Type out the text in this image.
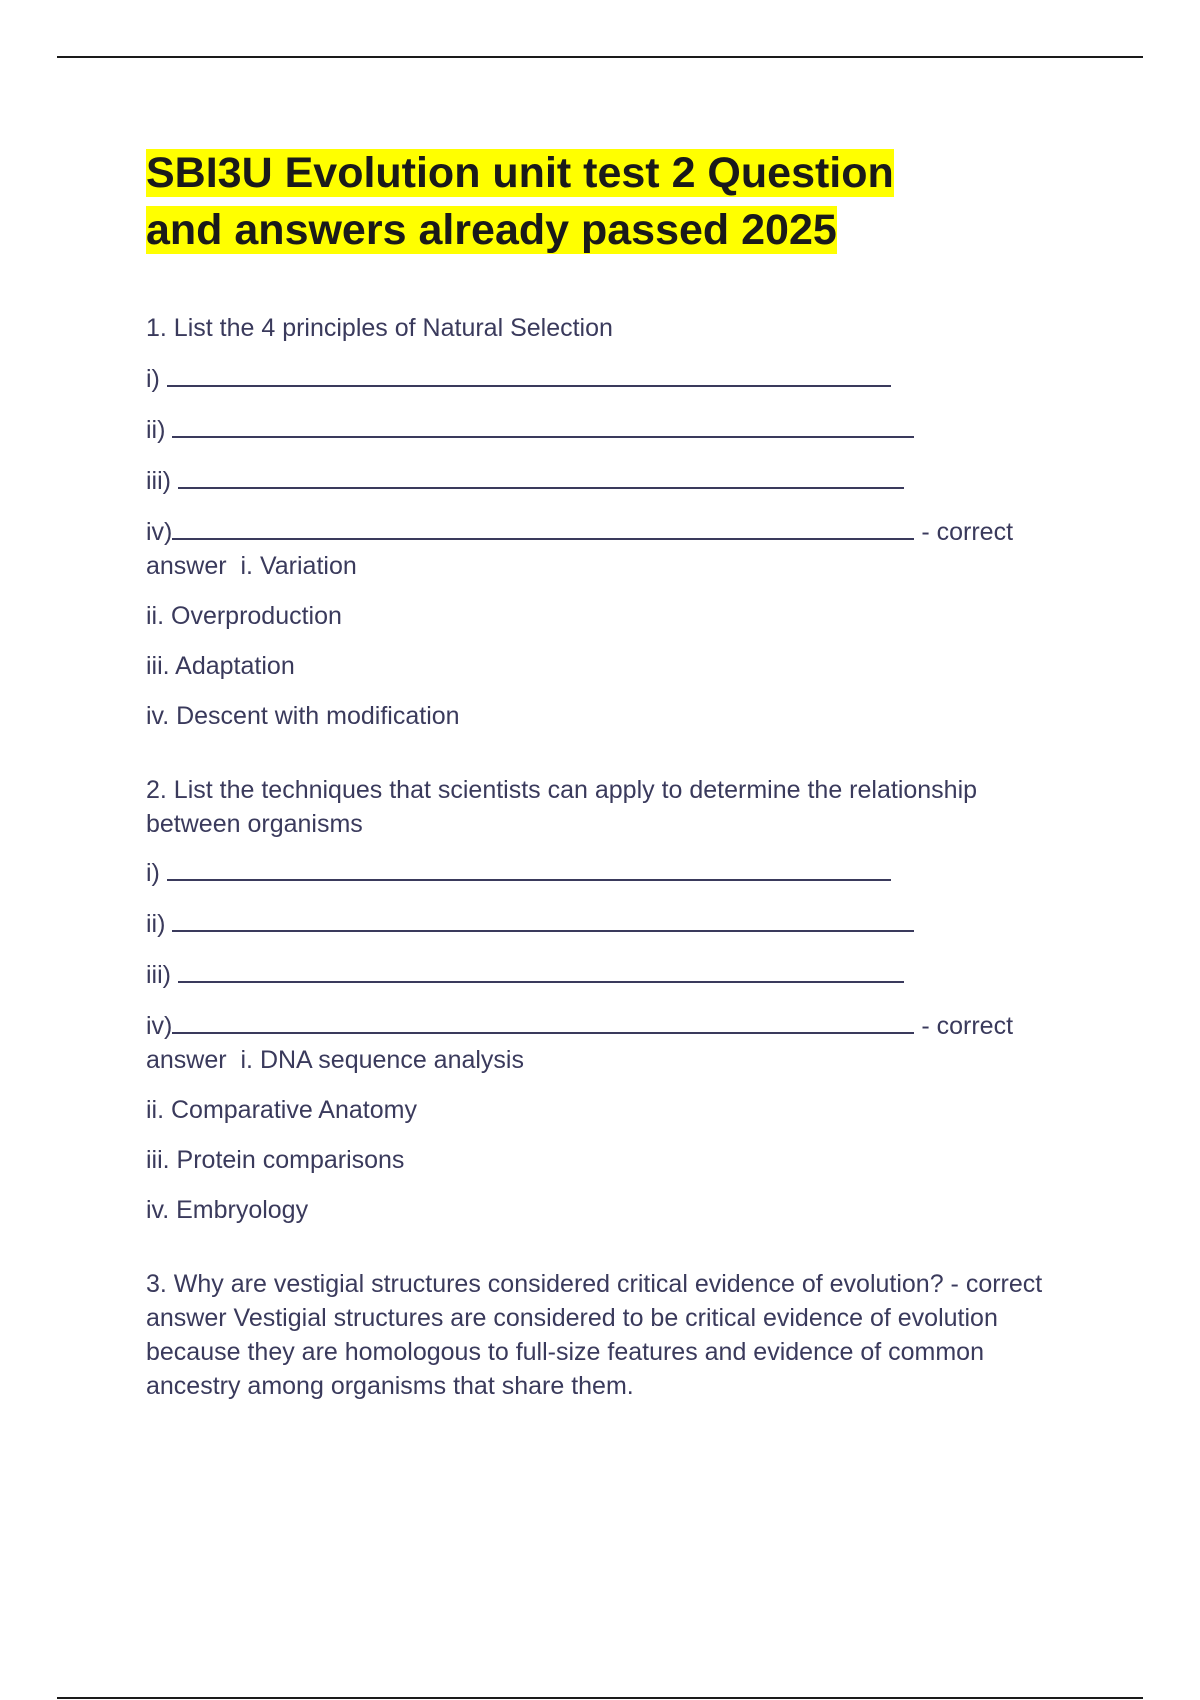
SBI3U Evolution unit test 2 Question
and answers already passed 2025

1. List the 4 principles of Natural Selection

i)

ii)

iii)

iv)	- correct
answer i. Variation

ii. Overproduction

iii. Adaptation

iv. Descent with modification

2. List the techniques that scientists can apply to determine the relationship between organisms

i)

ii)

iii)

iv)	- correct
answer i. DNA sequence analysis

ii. Comparative Anatomy

iii. Protein comparisons

iv. Embryology

3. Why are vestigial structures considered critical evidence of evolution? - correct answer Vestigial structures are considered to be critical evidence of evolution because they are homologous to full-size features and evidence of common ancestry among organisms that share them.
